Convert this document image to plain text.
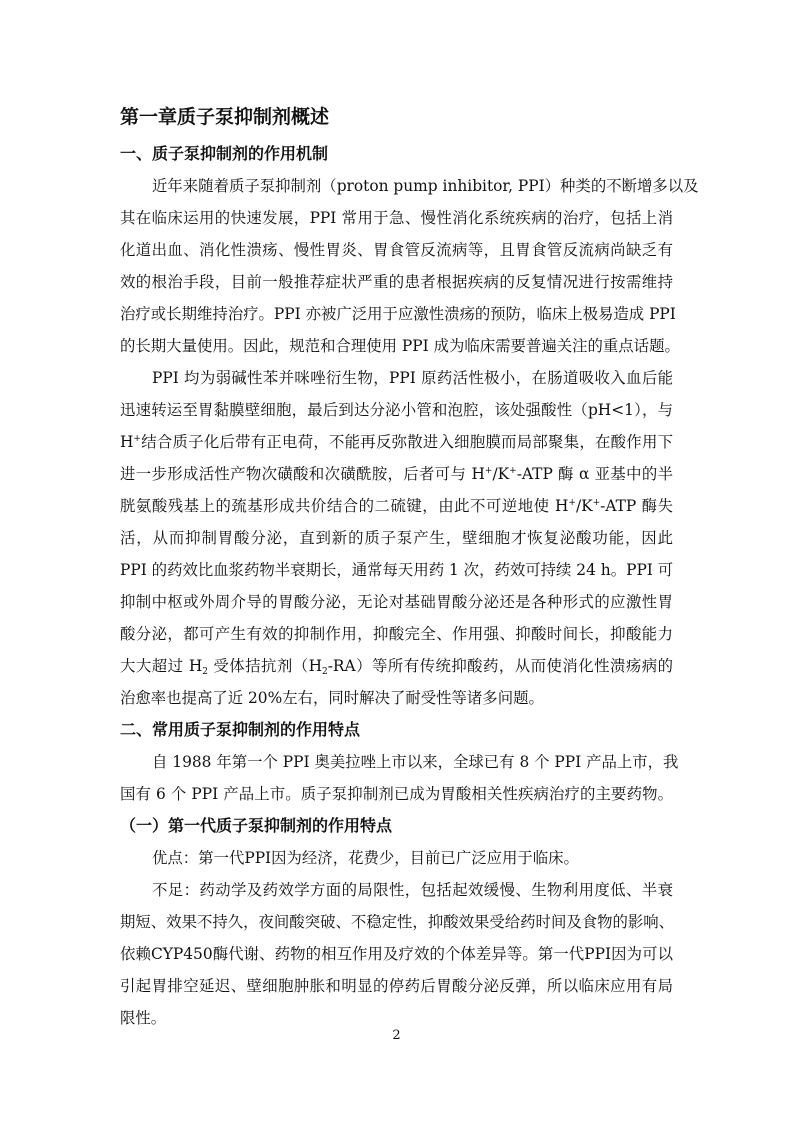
第一章质子泵抑制剂概述
一、质子泵抑制剂的作用机制
近年来随着质子泵抑制剂（proton pump inhibitor, PPI）种类的不断增多以及
其在临床运用的快速发展，PPI 常用于急、慢性消化系统疾病的治疗，包括上消
化道出血、消化性溃疡、慢性胃炎、胃食管反流病等，且胃食管反流病尚缺乏有
效的根治手段，目前一般推荐症状严重的患者根据疾病的反复情况进行按需维持
治疗或长期维持治疗。PPI 亦被广泛用于应激性溃疡的预防，临床上极易造成 PPI
的长期大量使用。因此，规范和合理使用 PPI 成为临床需要普遍关注的重点话题。
PPI 均为弱碱性苯并咪唑衍生物，PPI 原药活性极小，在肠道吸收入血后能
迅速转运至胃黏膜壁细胞，最后到达分泌小管和泡腔，该处强酸性（pH<1），与
H+结合质子化后带有正电荷，不能再反弥散进入细胞膜而局部聚集，在酸作用下
进一步形成活性产物次磺酸和次磺酰胺，后者可与 H+/K+-ATP 酶 α 亚基中的半
胱氨酸残基上的巯基形成共价结合的二硫键，由此不可逆地使 H+/K+-ATP 酶失
活，从而抑制胃酸分泌，直到新的质子泵产生，壁细胞才恢复泌酸功能，因此
PPI 的药效比血浆药物半衰期长，通常每天用药 1 次，药效可持续 24 h。PPI 可
抑制中枢或外周介导的胃酸分泌，无论对基础胃酸分泌还是各种形式的应激性胃
酸分泌，都可产生有效的抑制作用，抑酸完全、作用强、抑酸时间长，抑酸能力
大大超过 $H_2$ 受体拮抗剂$(H_2-RA)$等所有传统抑酸药，从而使消化性溃疡病的
治愈率也提高了近 20%左右，同时解决了耐受性等诸多问题。
二、常用质子泵抑制剂的作用特点
自 1988 年第一个 PPI 奥美拉唑上市以来，全球已有 8 个 PPI 产品上市，我
国有 6 个 PPI 产品上市。质子泵抑制剂已成为胃酸相关性疾病治疗的主要药物。
（一）第一代质子泵抑制剂的作用特点
优点：第一代PPI因为经济，花费少，目前已广泛应用于临床。
不足：药动学及药效学方面的局限性，包括起效缓慢、生物利用度低、半衰
期短、效果不持久，夜间酸突破、不稳定性，抑酸效果受给药时间及食物的影响、
依赖CYP450酶代谢、药物的相互作用及疗效的个体差异等。第一代PPI因为可以
引起胃排空延迟、壁细胞肿胀和明显的停药后胃酸分泌反弹，所以临床应用有局
限性。
2
